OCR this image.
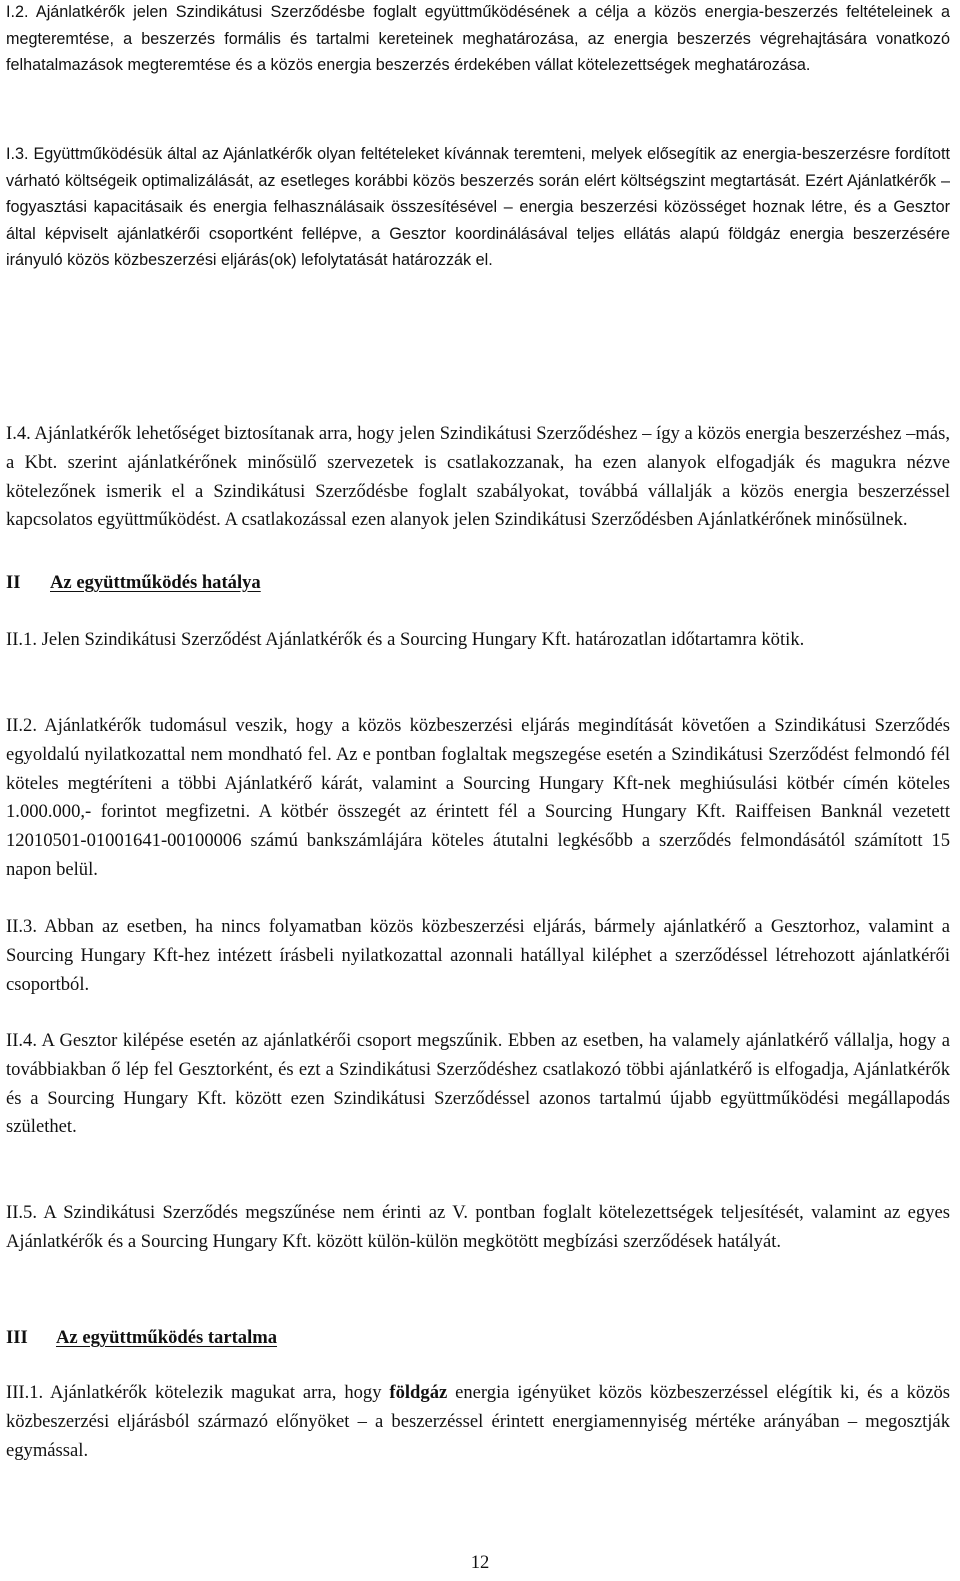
I.2. Ajánlatkérők jelen Szindikátusi Szerződésbe foglalt együttműködésének a célja a közös energia-beszerzés feltételeinek a megteremtése, a beszerzés formális és tartalmi kereteinek meghatározása, az energia beszerzés végrehajtására vonatkozó felhatalmazások megteremtése és a közös energia beszerzés érdekében vállat kötelezettségek meghatározása.

I.3. Együttműködésük által az Ajánlatkérők olyan feltételeket kívánnak teremteni, melyek elősegítik az energia-beszerzésre fordított várható költségeik optimalizálását, az esetleges korábbi közös beszerzés során elért költségszint megtartását. Ezért Ajánlatkérők – fogyasztási kapacitásaik és energia felhasználásaik összesítésével – energia beszerzési közösséget hoznak létre, és a Gesztor által képviselt ajánlatkérői csoportként fellépve, a Gesztor koordinálásával teljes ellátás alapú földgáz energia beszerzésére irányuló közös közbeszerzési eljárás(ok) lefolytatását határozzák el.

I.4. Ajánlatkérők lehetőséget biztosítanak arra, hogy jelen Szindikátusi Szerződéshez – így a közös energia beszerzéshez –más, a Kbt. szerint ajánlatkérőnek minősülő szervezetek is csatlakozzanak, ha ezen alanyok elfogadják és magukra nézve kötelezőnek ismerik el a Szindikátusi Szerződésbe foglalt szabályokat, továbbá vállalják a közös energia beszerzéssel kapcsolatos együttműködést. A csatlakozással ezen alanyok jelen Szindikátusi Szerződésben Ajánlatkérőnek minősülnek.

II Az együttműködés hatálya

II.1. Jelen Szindikátusi Szerződést Ajánlatkérők és a Sourcing Hungary Kft. határozatlan időtartamra kötik.

II.2. Ajánlatkérők tudomásul veszik, hogy a közös közbeszerzési eljárás megindítását követően a Szindikátusi Szerződés egyoldalú nyilatkozattal nem mondható fel. Az e pontban foglaltak megszegése esetén a Szindikátusi Szerződést felmondó fél köteles megtéríteni a többi Ajánlatkérő kárát, valamint a Sourcing Hungary Kft-nek meghiúsulási kötbér címén köteles 1.000.000,- forintot megfizetni. A kötbér összegét az érintett fél a Sourcing Hungary Kft. Raiffeisen Banknál vezetett 12010501-01001641-00100006 számú bankszámlájára köteles átutalni legkésőbb a szerződés felmondásától számított 15 napon belül.

II.3. Abban az esetben, ha nincs folyamatban közös közbeszerzési eljárás, bármely ajánlatkérő a Gesztorhoz, valamint a Sourcing Hungary Kft-hez intézett írásbeli nyilatkozattal azonnali hatállyal kiléphet a szerződéssel létrehozott ajánlatkérői csoportból.

II.4. A Gesztor kilépése esetén az ajánlatkérői csoport megszűnik. Ebben az esetben, ha valamely ajánlatkérő vállalja, hogy a továbbiakban ő lép fel Gesztorként, és ezt a Szindikátusi Szerződéshez csatlakozó többi ajánlatkérő is elfogadja, Ajánlatkérők és a Sourcing Hungary Kft. között ezen Szindikátusi Szerződéssel azonos tartalmú újabb együttműködési megállapodás születhet.

II.5. A Szindikátusi Szerződés megszűnése nem érinti az V. pontban foglalt kötelezettségek teljesítését, valamint az egyes Ajánlatkérők és a Sourcing Hungary Kft. között külön-külön megkötött megbízási szerződések hatályát.

III Az együttműködés tartalma

III.1. Ajánlatkérők kötelezik magukat arra, hogy földgáz energia igényüket közös közbeszerzéssel elégítik ki, és a közös közbeszerzési eljárásból származó előnyöket – a beszerzéssel érintett energiamennyiség mértéke arányában – megosztják egymással.

12
